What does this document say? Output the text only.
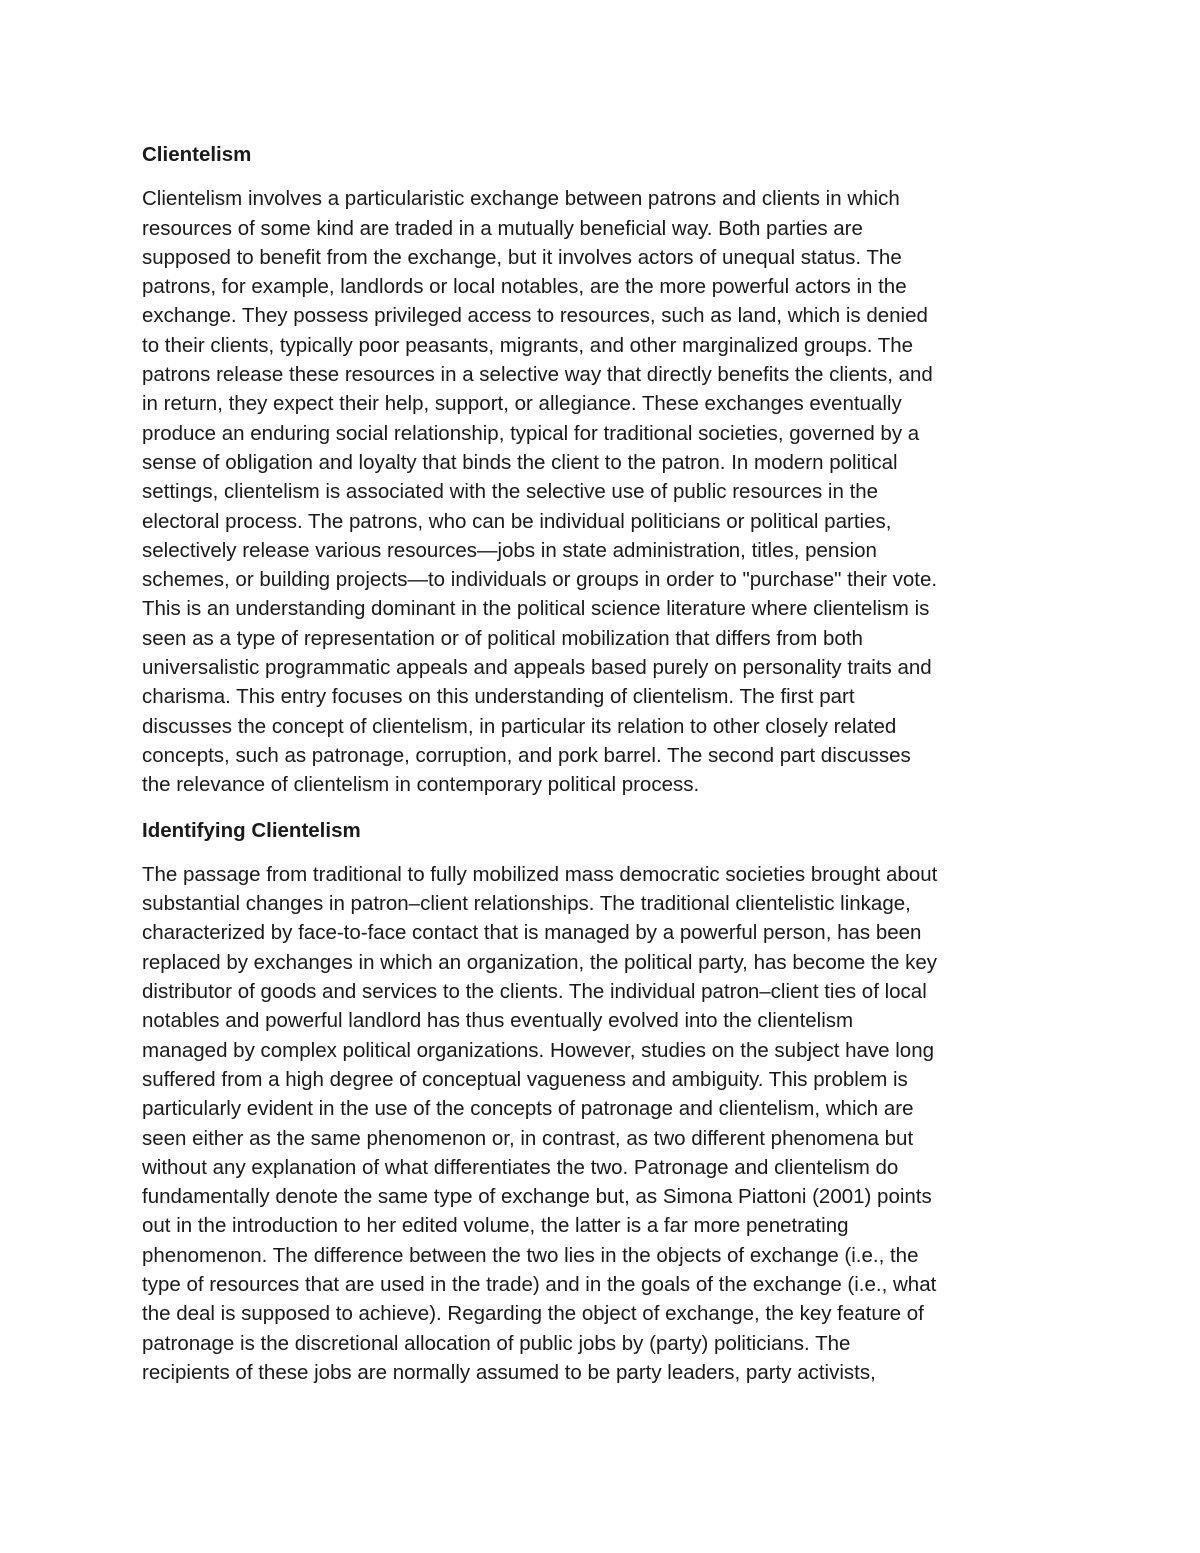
Clientelism

Clientelism involves a particularistic exchange between patrons and clients in which
resources of some kind are traded in a mutually beneficial way. Both parties are
supposed to benefit from the exchange, but it involves actors of unequal status. The
patrons, for example, landlords or local notables, are the more powerful actors in the
exchange. They possess privileged access to resources, such as land, which is denied
to their clients, typically poor peasants, migrants, and other marginalized groups. The
patrons release these resources in a selective way that directly benefits the clients, and
in return, they expect their help, support, or allegiance. These exchanges eventually
produce an enduring social relationship, typical for traditional societies, governed by a
sense of obligation and loyalty that binds the client to the patron. In modern political
settings, clientelism is associated with the selective use of public resources in the
electoral process. The patrons, who can be individual politicians or political parties,
selectively release various resources—jobs in state administration, titles, pension
schemes, or building projects—to individuals or groups in order to "purchase" their vote.
This is an understanding dominant in the political science literature where clientelism is
seen as a type of representation or of political mobilization that differs from both
universalistic programmatic appeals and appeals based purely on personality traits and
charisma. This entry focuses on this understanding of clientelism. The first part
discusses the concept of clientelism, in particular its relation to other closely related
concepts, such as patronage, corruption, and pork barrel. The second part discusses
the relevance of clientelism in contemporary political process.

Identifying Clientelism

The passage from traditional to fully mobilized mass democratic societies brought about
substantial changes in patron–client relationships. The traditional clientelistic linkage,
characterized by face-to-face contact that is managed by a powerful person, has been
replaced by exchanges in which an organization, the political party, has become the key
distributor of goods and services to the clients. The individual patron–client ties of local
notables and powerful landlord has thus eventually evolved into the clientelism
managed by complex political organizations. However, studies on the subject have long
suffered from a high degree of conceptual vagueness and ambiguity. This problem is
particularly evident in the use of the concepts of patronage and clientelism, which are
seen either as the same phenomenon or, in contrast, as two different phenomena but
without any explanation of what differentiates the two. Patronage and clientelism do
fundamentally denote the same type of exchange but, as Simona Piattoni (2001) points
out in the introduction to her edited volume, the latter is a far more penetrating
phenomenon. The difference between the two lies in the objects of exchange (i.e., the
type of resources that are used in the trade) and in the goals of the exchange (i.e., what
the deal is supposed to achieve). Regarding the object of exchange, the key feature of
patronage is the discretional allocation of public jobs by (party) politicians. The
recipients of these jobs are normally assumed to be party leaders, party activists,
